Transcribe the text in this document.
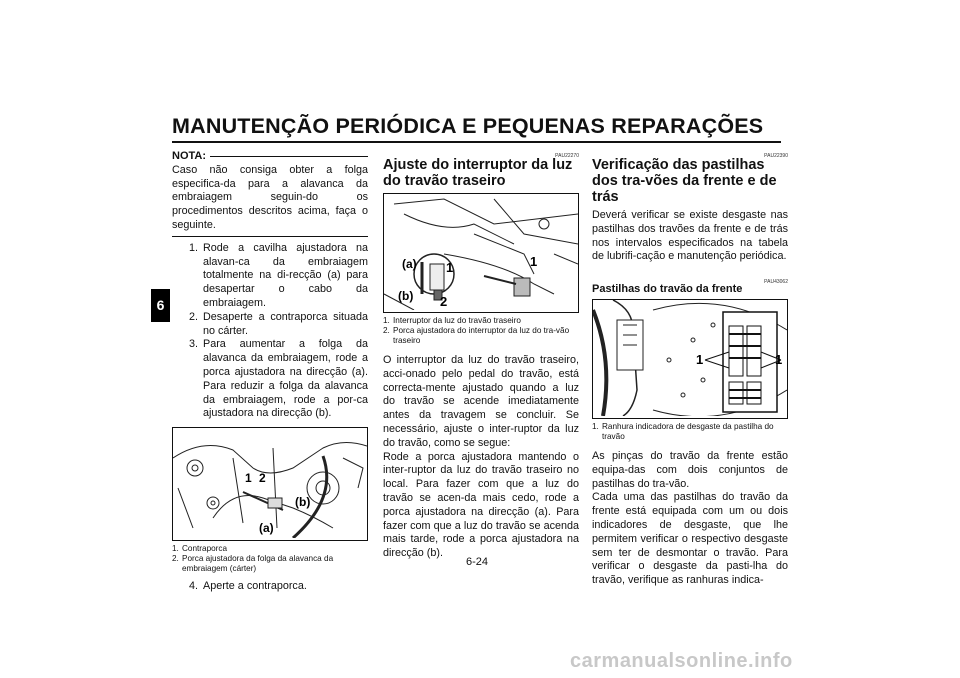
MANUTENÇÃO PERIÓDICA E PEQUENAS REPARAÇÕES
6
NOTA:

Caso não consiga obter a folga especifica-da para a alavanca da embraiagem seguin-do os procedimentos descritos acima, faça o seguinte.

1. Rode a cavilha ajustadora na alavan-ca da embraiagem totalmente na di-recção (a) para desapertar o cabo da embraiagem.
2. Desaperte a contraporca situada no cárter.
3. Para aumentar a folga da alavanca da embraiagem, rode a porca ajustadora na direcção (a). Para reduzir a folga da alavanca da embraiagem, rode a por-ca ajustadora na direcção (b).
1 2
(b)
(a)
1. Contraporca
2. Porca ajustadora da folga da alavanca da embraiagem (cárter)
4. Aperte a contraporca.
PAU22270
Ajuste do interruptor da luz do travão traseiro
(a)
(b)
1
2
1
1. Interruptor da luz do travão traseiro
2. Porca ajustadora do interruptor da luz do tra-vão traseiro

O interruptor da luz do travão traseiro, acci-onado pelo pedal do travão, está correcta-mente ajustado quando a luz do travão se acende imediatamente antes da travagem se concluir. Se necessário, ajuste o inter-ruptor da luz do travão, como se segue:

Rode a porca ajustadora mantendo o inter-ruptor da luz do travão traseiro no local. Para fazer com que a luz do travão se acen-da mais cedo, rode a porca ajustadora na direcção (a). Para fazer com que a luz do travão se acenda mais tarde, rode a porca ajustadora na direcção (b).

PAU22390
Verificação das pastilhas dos tra-vões da frente e de trás

Deverá verificar se existe desgaste nas pastilhas dos travões da frente e de trás nos intervalos especificados na tabela de lubrifi-cação e manutenção periódica.

PAU43062
Pastilhas do travão da frente
1	1
1. Ranhura indicadora de desgaste da pastilha do travão

As pinças do travão da frente estão equipa-das com dois conjuntos de pastilhas do tra-vão.

Cada uma das pastilhas do travão da frente está equipada com um ou dois indicadores de desgaste, que lhe permitem verificar o respectivo desgaste sem ter de desmontar o travão. Para verificar o desgaste da pasti-lha do travão, verifique as ranhuras indica-

6-24
carmanualsonline.info
